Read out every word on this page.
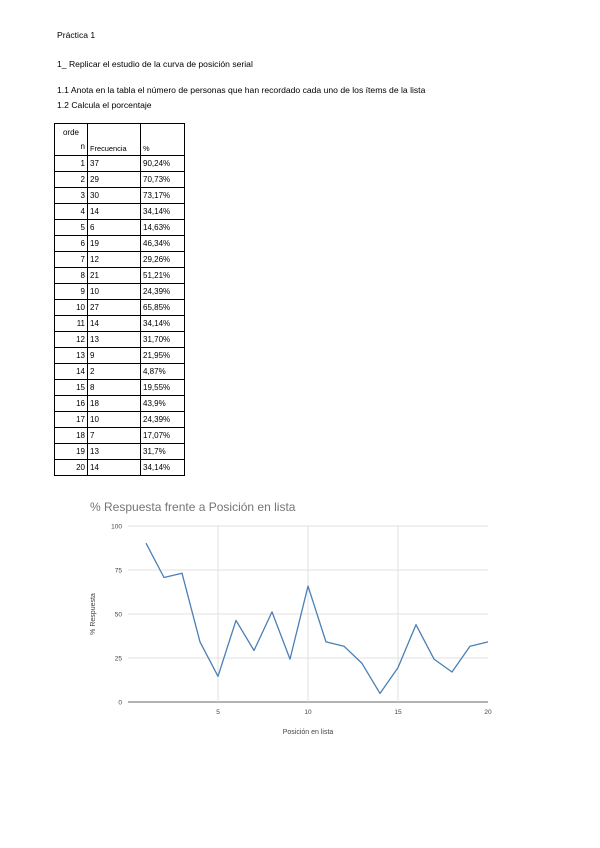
Práctica 1
1_ Replicar el estudio de la curva de posición serial
1.1 Anota en la tabla el número de personas que han recordado cada uno de los ítems de la lista
1.2 Calcula el porcentaje
orde
n	Frecuencia	%
1	37	90,24%
2	29	70,73%
3	30	73,17%
4	14	34,14%
5	6	14,63%
6	19	46,34%
7	12	29,26%
8	21	51,21%
9	10	24,39%
10	27	65,85%
11	14	34,14%
12	13	31,70%
13	9	21,95%
14	2	4,87%
15	8	19,55%
16	18	43,9%
17	10	24,39%
18	7	17,07%
19	13	31,7%
20	14	34,14%
% Respuesta frente a Posición en lista
0
25
50
75
100
5	10	15	20
Posición en lista
% Respuesta
